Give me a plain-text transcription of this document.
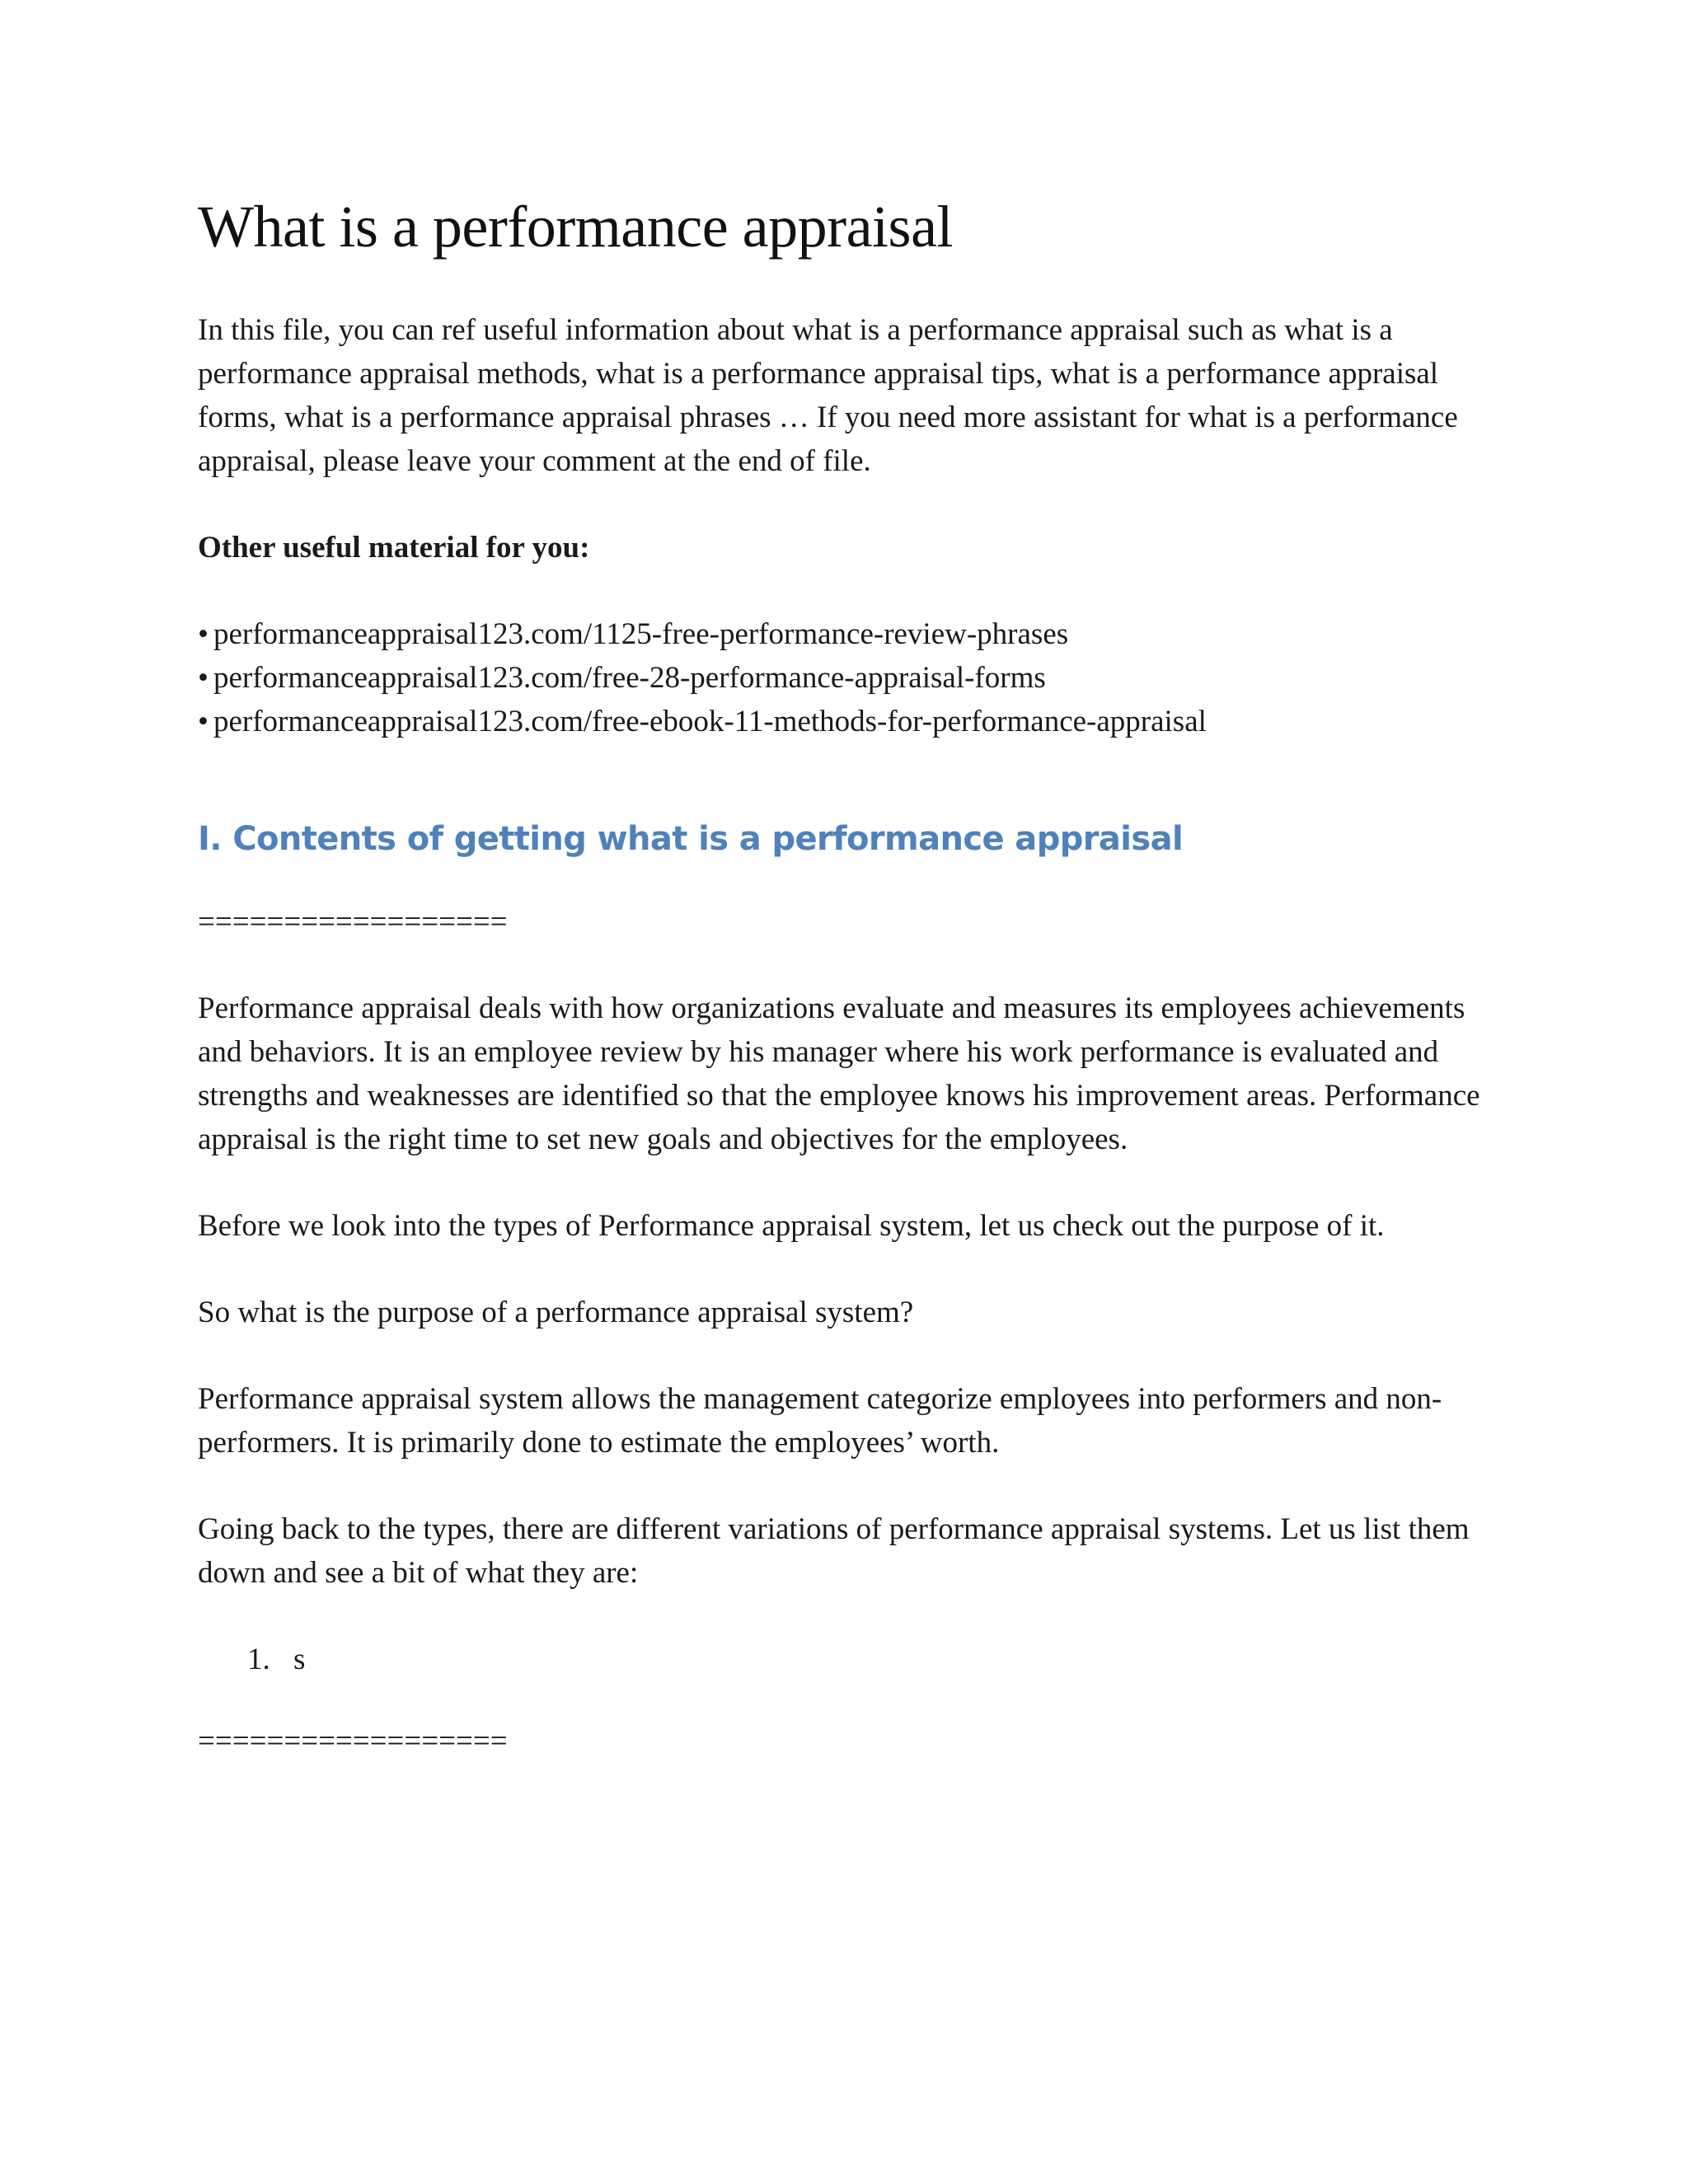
What is a performance appraisal

In this file, you can ref useful information about what is a performance appraisal such as what is a performance appraisal methods, what is a performance appraisal tips, what is a performance appraisal forms, what is a performance appraisal phrases … If you need more assistant for what is a performance appraisal, please leave your comment at the end of file.

Other useful material for you:

• performanceappraisal123.com/1125-free-performance-review-phrases
• performanceappraisal123.com/free-28-performance-appraisal-forms
• performanceappraisal123.com/free-ebook-11-methods-for-performance-appraisal
I. Contents of getting what is a performance appraisal

==================

Performance appraisal deals with how organizations evaluate and measures its employees achievements and behaviors. It is an employee review by his manager where his work performance is evaluated and strengths and weaknesses are identified so that the employee knows his improvement areas. Performance appraisal is the right time to set new goals and objectives for the employees.

Before we look into the types of Performance appraisal system, let us check out the purpose of it.

So what is the purpose of a performance appraisal system?

Performance appraisal system allows the management categorize employees into performers and non-performers. It is primarily done to estimate the employees’ worth.

Going back to the types, there are different variations of performance appraisal systems. Let us list them down and see a bit of what they are:

1. s

==================
